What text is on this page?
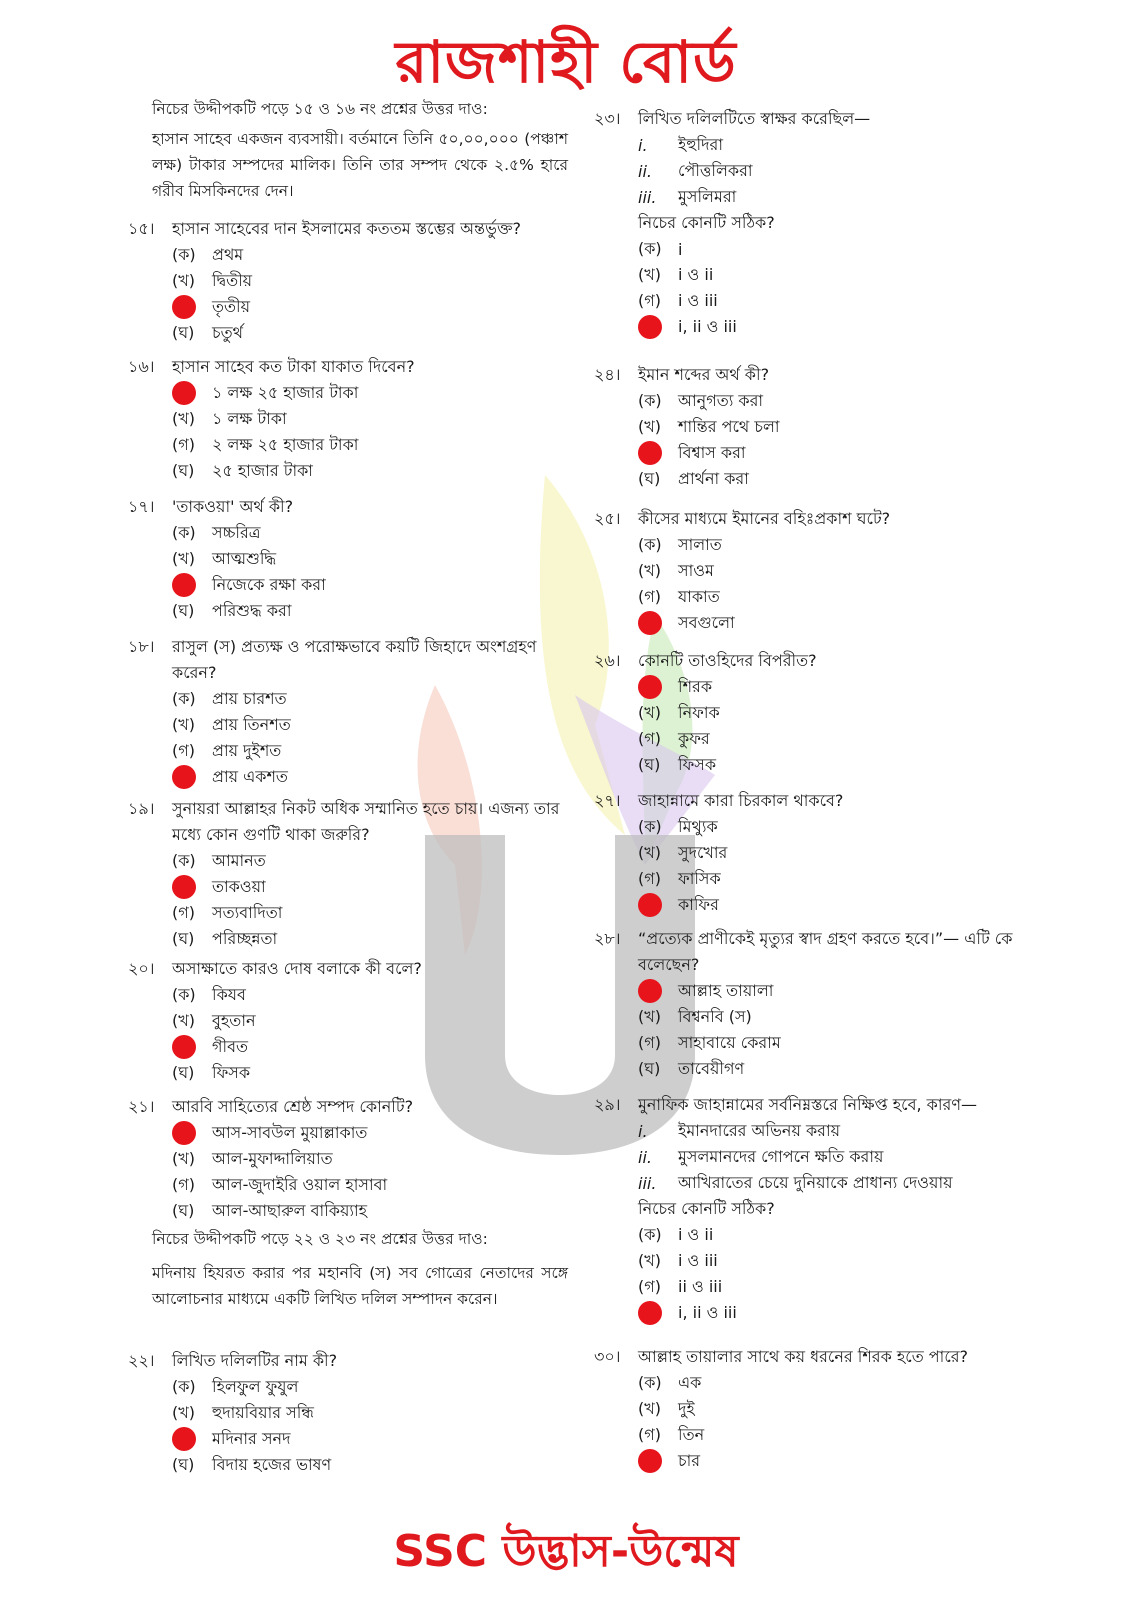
রাজশাহী বোর্ড

নিচের উদ্দীপকটি পড়ে ১৫ ও ১৬ নং প্রশ্নের উত্তর দাও:

হাসান সাহেব একজন ব্যবসায়ী। বর্তমানে তিনি ৫০,০০,০০০ (পঞ্চাশ লক্ষ) টাকার সম্পদের মালিক। তিনি তার সম্পদ থেকে ২.৫% হারে গরীব মিসকিনদের দেন।

১৫।	হাসান সাহেবের দান ইসলামের কততম স্তম্ভের অন্তর্ভুক্ত?
(ক)	প্রথম
(খ)	দ্বিতীয়
তৃতীয়
(ঘ)	চতুর্থ
১৬।	হাসান সাহেব কত টাকা যাকাত দিবেন?
১ লক্ষ ২৫ হাজার টাকা
(খ)	১ লক্ষ টাকা
(গ)	২ লক্ষ ২৫ হাজার টাকা
(ঘ)	২৫ হাজার টাকা
১৭।	'তাকওয়া' অর্থ কী?
(ক)	সচ্চরিত্র
(খ)	আত্মশুদ্ধি
নিজেকে রক্ষা করা
(ঘ)	পরিশুদ্ধ করা
১৮।	রাসুল (স) প্রত্যক্ষ ও পরোক্ষভাবে কয়টি জিহাদে অংশগ্রহণ করেন?
(ক)	প্রায় চারশত
(খ)	প্রায় তিনশত
(গ)	প্রায় দুইশত
প্রায় একশত
১৯।	সুনায়রা আল্লাহর নিকট অধিক সম্মানিত হতে চায়। এজন্য তার মধ্যে কোন গুণটি থাকা জরুরি?
(ক)	আমানত
তাকওয়া
(গ)	সত্যবাদিতা
(ঘ)	পরিচ্ছন্নতা
২০।	অসাক্ষাতে কারও দোষ বলাকে কী বলে?
(ক)	কিযব
(খ)	বুহতান
গীবত
(ঘ)	ফিসক
২১।	আরবি সাহিত্যের শ্রেষ্ঠ সম্পদ কোনটি?
আস-সাবউল মুয়াল্লাকাত
(খ)	আল-মুফাদ্দালিয়াত
(গ)	আল-জুদাইরি ওয়াল হাসাবা
(ঘ)	আল-আছারুল বাকিয়্যাহ

নিচের উদ্দীপকটি পড়ে ২২ ও ২৩ নং প্রশ্নের উত্তর দাও:

মদিনায় হিযরত করার পর মহানবি (স) সব গোত্রের নেতাদের সঙ্গে আলোচনার মাধ্যমে একটি লিখিত দলিল সম্পাদন করেন।

২২।	লিখিত দলিলটির নাম কী?
(ক)	হিলফুল ফুযুল
(খ)	হুদায়বিয়ার সন্ধি
মদিনার সনদ
(ঘ)	বিদায় হজের ভাষণ
২৩।	লিখিত দলিলটিতে স্বাক্ষর করেছিল—
i.	ইহুদিরা
ii.	পৌত্তলিকরা
iii.	মুসলিমরা
নিচের কোনটি সঠিক?
(ক)	i
(খ)	i ও ii
(গ)	i ও iii
i, ii ও iii
২৪।	ইমান শব্দের অর্থ কী?
(ক)	আনুগত্য করা
(খ)	শান্তির পথে চলা
বিশ্বাস করা
(ঘ)	প্রার্থনা করা
২৫।	কীসের মাধ্যমে ইমানের বহিঃপ্রকাশ ঘটে?
(ক)	সালাত
(খ)	সাওম
(গ)	যাকাত
সবগুলো
২৬।	কোনটি তাওহিদের বিপরীত?
শিরক
(খ)	নিফাক
(গ)	কুফর
(ঘ)	ফিসক
২৭।	জাহান্নামে কারা চিরকাল থাকবে?
(ক)	মিথ্যুক
(খ)	সুদখোর
(গ)	ফাসিক
কাফির
২৮।	“প্রত্যেক প্রাণীকেই মৃত্যুর স্বাদ গ্রহণ করতে হবে।”— এটি কে বলেছেন?
আল্লাহ তায়ালা
(খ)	বিশ্বনবি (স)
(গ)	সাহাবায়ে কেরাম
(ঘ)	তাবেয়ীগণ
২৯।	মুনাফিক জাহান্নামের সর্বনিম্নস্তরে নিক্ষিপ্ত হবে, কারণ—
i.	ইমানদারের অভিনয় করায়
ii.	মুসলমানদের গোপনে ক্ষতি করায়
iii.	আখিরাতের চেয়ে দুনিয়াকে প্রাধান্য দেওয়ায়
নিচের কোনটি সঠিক?
(ক)	i ও ii
(খ)	i ও iii
(গ)	ii ও iii
i, ii ও iii
৩০।	আল্লাহ তায়ালার সাথে কয় ধরনের শিরক হতে পারে?
(ক)	এক
(খ)	দুই
(গ)	তিন
চার
SSC উদ্ভাস-উন্মেষ
